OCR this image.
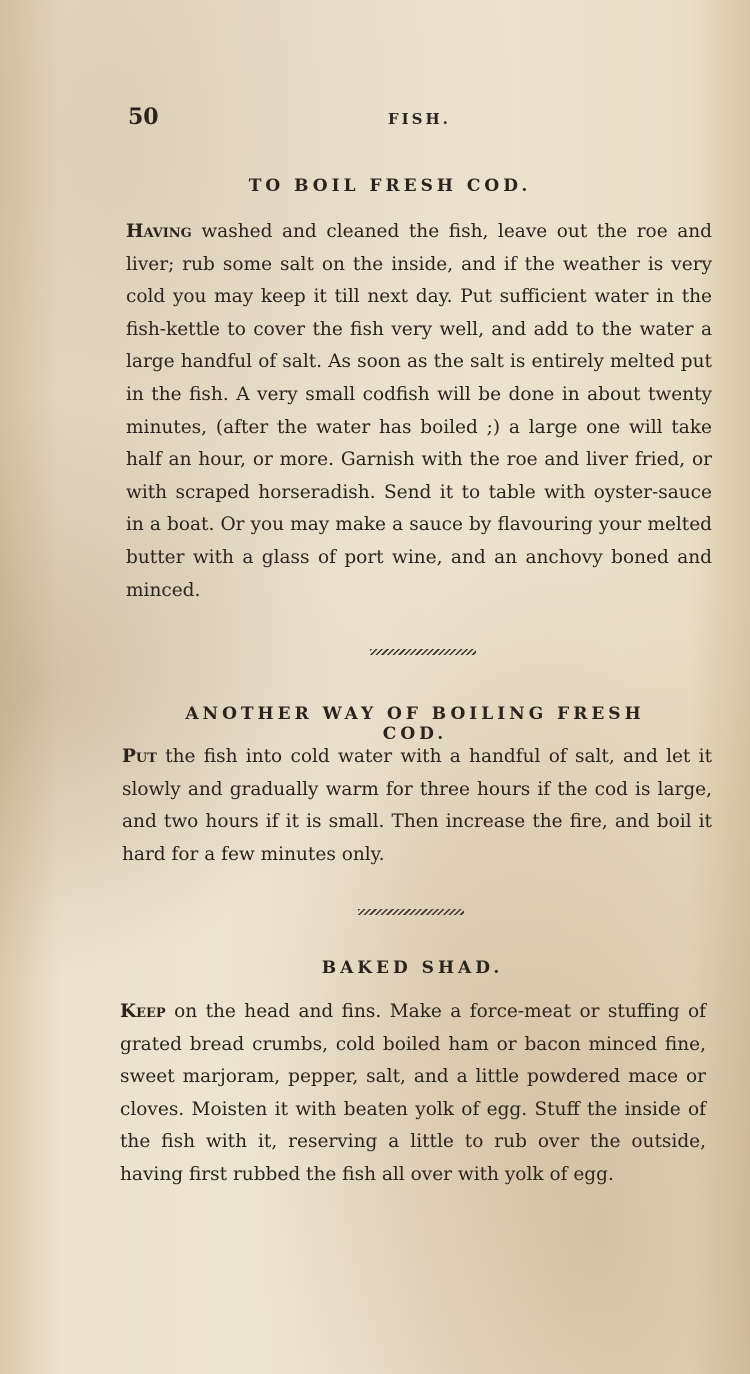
50	FISH.
TO BOIL FRESH COD.

Having washed and cleaned the fish, leave out the roe and liver; rub some salt on the inside, and if the weather is very cold you may keep it till next day. Put sufficient water in the fish-kettle to cover the fish very well, and add to the water a large handful of salt. As soon as the salt is entirely melted put in the fish. A very small codfish will be done in about twenty minutes, (after the water has boiled ;) a large one will take half an hour, or more. Garnish with the roe and liver fried, or with scraped horseradish. Send it to table with oyster-sauce in a boat. Or you may make a sauce by flavouring your melted butter with a glass of port wine, and an anchovy boned and minced.

ANOTHER WAY OF BOILING FRESH COD.

Put the fish into cold water with a handful of salt, and let it slowly and gradually warm for three hours if the cod is large, and two hours if it is small. Then increase the fire, and boil it hard for a few minutes only.

BAKED SHAD.

Keep on the head and fins. Make a force-meat or stuffing of grated bread crumbs, cold boiled ham or bacon minced fine, sweet marjoram, pepper, salt, and a little powdered mace or cloves. Moisten it with beaten yolk of egg. Stuff the inside of the fish with it, reserving a little to rub over the outside, having first rubbed the fish all over with yolk of egg.
